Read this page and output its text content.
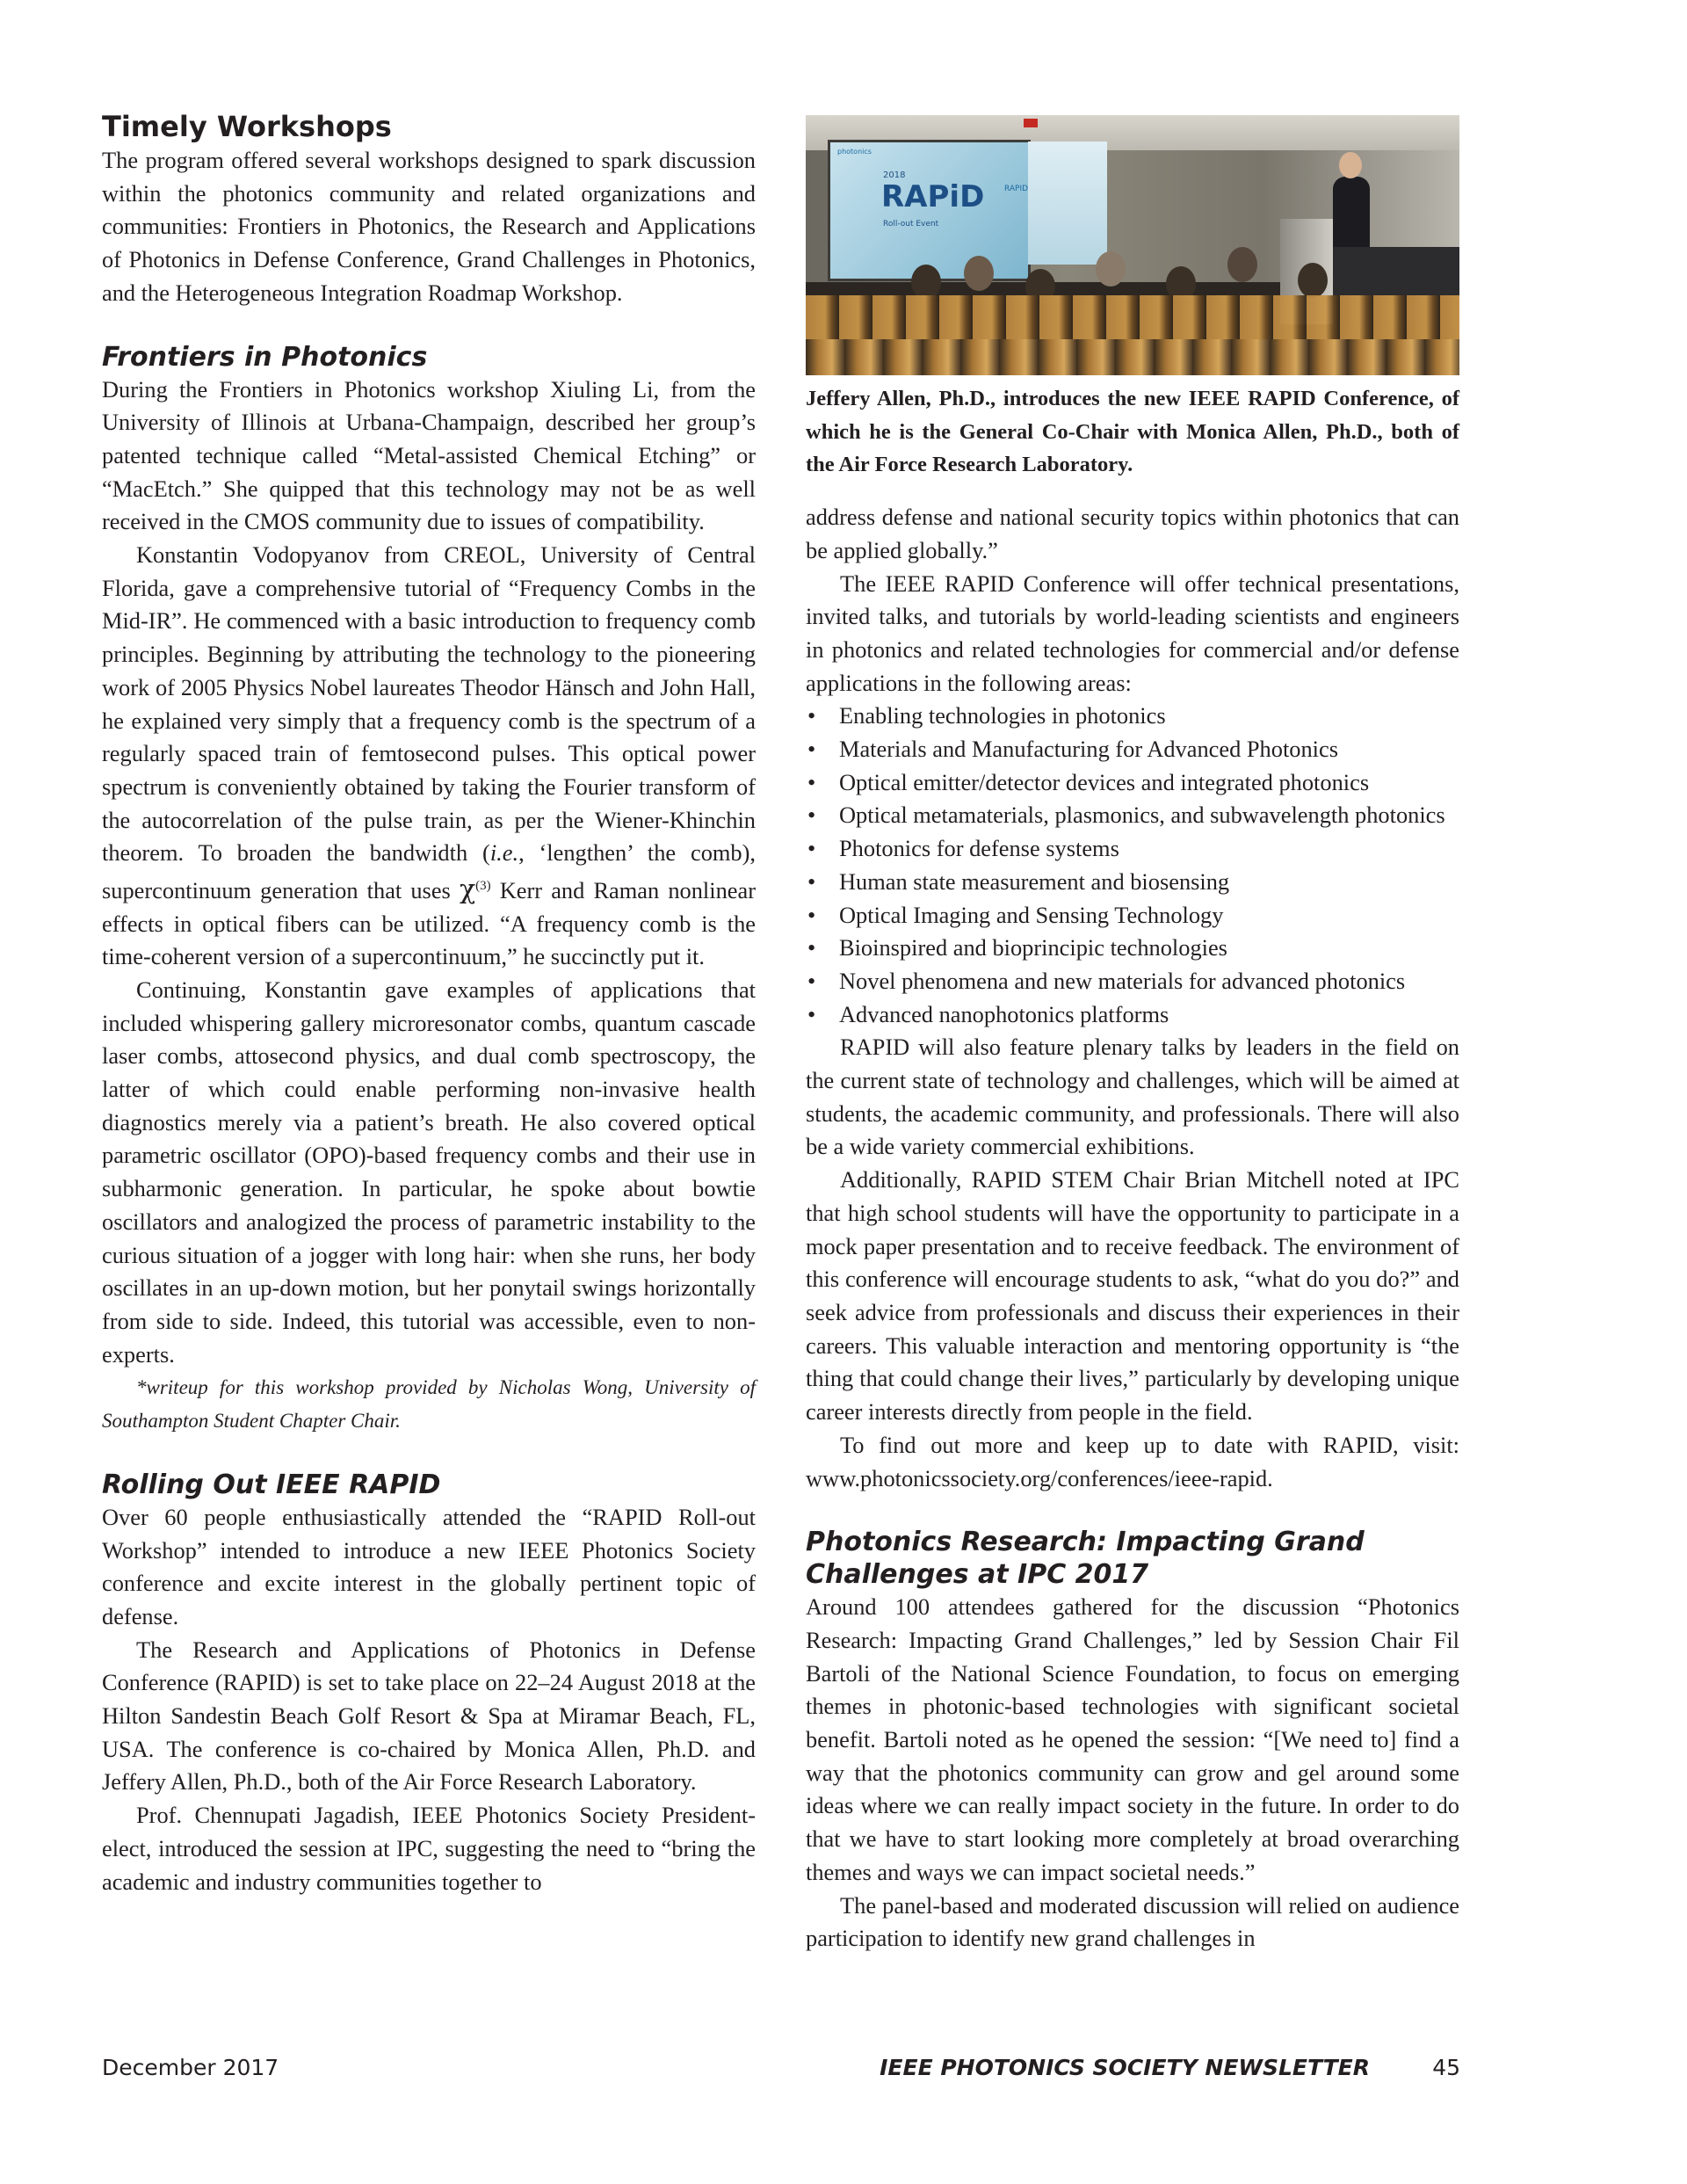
Timely Workshops

The program offered several workshops designed to spark discussion within the photonics community and related organizations and communities: Frontiers in Photonics, the Research and Applications of Photonics in Defense Conference, Grand Challenges in Photonics, and the Heterogeneous Integration Roadmap Workshop.

Frontiers in Photonics

During the Frontiers in Photonics workshop Xiuling Li, from the University of Illinois at Urbana-Champaign, described her group’s patented technique called “Metal-assisted Chemical Etching” or “MacEtch.” She quipped that this technology may not be as well received in the CMOS community due to issues of compatibility.

Konstantin Vodopyanov from CREOL, University of Central Florida, gave a comprehensive tutorial of “Frequency Combs in the Mid-IR”. He commenced with a basic introduction to frequency comb principles. Beginning by attributing the technology to the pioneering work of 2005 Physics Nobel laureates Theodor Hänsch and John Hall, he explained very simply that a frequency comb is the spectrum of a regularly spaced train of femtosecond pulses. This optical power spectrum is conveniently obtained by taking the Fourier transform of the autocorrelation of the pulse train, as per the Wiener-Khinchin theorem. To broaden the bandwidth (i.e., ‘lengthen’ the comb), supercontinuum generation that uses $\chi^{(3)}$ Kerr and Raman nonlinear effects in optical fibers can be utilized. “A frequency comb is the time-coherent version of a supercontinuum,” he succinctly put it.

Continuing, Konstantin gave examples of applications that included whispering gallery microresonator combs, quantum cascade laser combs, attosecond physics, and dual comb spectroscopy, the latter of which could enable performing non-invasive health diagnostics merely via a patient’s breath. He also covered optical parametric oscillator (OPO)-based frequency combs and their use in subharmonic generation. In particular, he spoke about bowtie oscillators and analogized the process of parametric instability to the curious situation of a jogger with long hair: when she runs, her body oscillates in an up-down motion, but her ponytail swings horizontally from side to side. Indeed, this tutorial was accessible, even to non-experts.

*writeup for this workshop provided by Nicholas Wong, University of Southampton Student Chapter Chair.

Rolling Out IEEE RAPID

Over 60 people enthusiastically attended the “RAPID Roll-out Workshop” intended to introduce a new IEEE Photonics Society conference and excite interest in the globally pertinent topic of defense.

The Research and Applications of Photonics in Defense Conference (RAPID) is set to take place on 22–24 August 2018 at the Hilton Sandestin Beach Golf Resort & Spa at Miramar Beach, FL, USA. The conference is co-chaired by Monica Allen, Ph.D. and Jeffery Allen, Ph.D., both of the Air Force Research Laboratory.

Prof. Chennupati Jagadish, IEEE Photonics Society President-elect, introduced the session at IPC, suggesting the need to “bring the academic and industry communities together to

photonics
2018
RAPiD
Roll-out Event
RAPID

Jeffery Allen, Ph.D., introduces the new IEEE RAPID Conference, of which he is the General Co-Chair with Monica Allen, Ph.D., both of the Air Force Research Laboratory.

address defense and national security topics within photonics that can be applied globally.”

The IEEE RAPID Conference will offer technical presentations, invited talks, and tutorials by world-leading scientists and engineers in photonics and related technologies for commercial and/or defense applications in the following areas:

• Enabling technologies in photonics
• Materials and Manufacturing for Advanced Photonics
• Optical emitter/detector devices and integrated photonics
• Optical metamaterials, plasmonics, and subwavelength photonics
• Photonics for defense systems
• Human state measurement and biosensing
• Optical Imaging and Sensing Technology
• Bioinspired and bioprincipic technologies
• Novel phenomena and new materials for advanced photonics
• Advanced nanophotonics platforms

RAPID will also feature plenary talks by leaders in the field on the current state of technology and challenges, which will be aimed at students, the academic community, and professionals. There will also be a wide variety commercial exhibitions.

Additionally, RAPID STEM Chair Brian Mitchell noted at IPC that high school students will have the opportunity to participate in a mock paper presentation and to receive feedback. The environment of this conference will encourage students to ask, “what do you do?” and seek advice from professionals and discuss their experiences in their careers. This valuable interaction and mentoring opportunity is “the thing that could change their lives,” particularly by developing unique career interests directly from people in the field.

To find out more and keep up to date with RAPID, visit: www.photonicssociety.org/conferences/ieee-rapid.

Photonics Research: Impacting Grand
Challenges at IPC 2017

Around 100 attendees gathered for the discussion “Photonics Research: Impacting Grand Challenges,” led by Session Chair Fil Bartoli of the National Science Foundation, to focus on emerging themes in photonic-based technologies with significant societal benefit. Bartoli noted as he opened the session: “[We need to] find a way that the photonics community can grow and gel around some ideas where we can really impact society in the future. In order to do that we have to start looking more completely at broad overarching themes and ways we can impact societal needs.”

The panel-based and moderated discussion will relied on audience participation to identify new grand challenges in

December 2017	IEEE PHOTONICS SOCIETY NEWSLETTER	45
